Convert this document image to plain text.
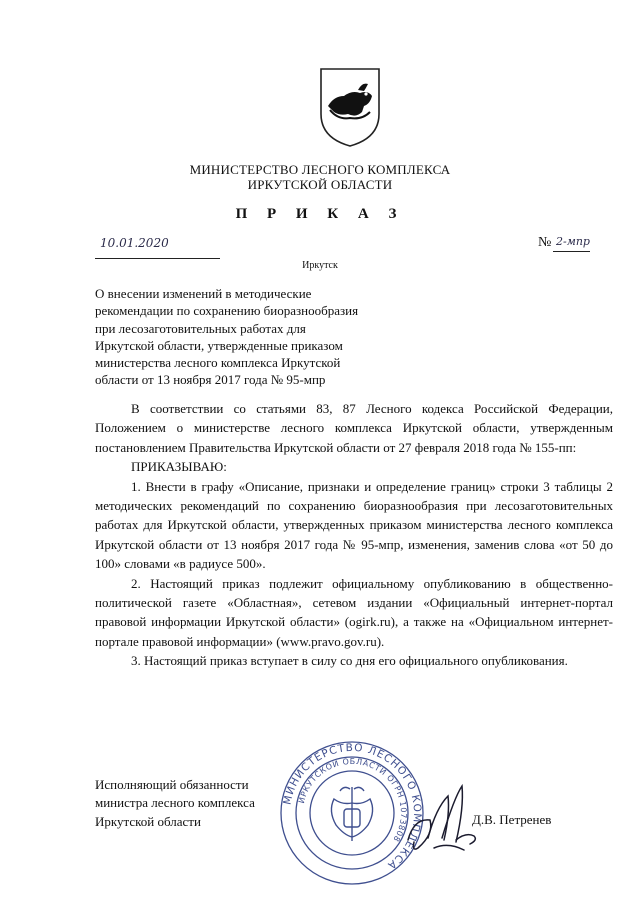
МИНИСТЕРСТВО ЛЕСНОГО КОМПЛЕКСА
ИРКУТСКОЙ ОБЛАСТИ
П Р И К А З
10.01.2020	№ 2-мпр
Иркутск
О внесении изменений в методические
рекомендации по сохранению биоразнообразия
при лесозаготовительных работах для
Иркутской области, утвержденные приказом
министерства лесного комплекса Иркутской
области от 13 ноября 2017 года № 95-мпр

В соответствии со статьями 83, 87 Лесного кодекса Российской Федерации, Положением о министерстве лесного комплекса Иркутской области, утвержденным постановлением Правительства Иркутской области от 27 февраля 2018 года № 155-пп:

ПРИКАЗЫВАЮ:

1. Внести в графу «Описание, признаки и определение границ» строки 3 таблицы 2 методических рекомендаций по сохранению биоразнообразия при лесозаготовительных работах для Иркутской области, утвержденных приказом министерства лесного комплекса Иркутской области от 13 ноября 2017 года № 95-мпр, изменения, заменив слова «от 50 до 100» словами «в радиусе 500».

2. Настоящий приказ подлежит официальному опубликованию в общественно-политической газете «Областная», сетевом издании «Официальный интернет-портал правовой информации Иркутской области» (ogirk.ru), а также на «Официальном интернет-портале правовой информации» (www.pravo.gov.ru).

3. Настоящий приказ вступает в силу со дня его официального опубликования.

Исполняющий обязанности
министра лесного комплекса
Иркутской области
МИНИСТЕРСТВО ЛЕСНОГО КОМПЛЕКСА
ИРКУТСКОЙ ОБЛАСТИ ОГРН 1073808
Д.В. Петренев
